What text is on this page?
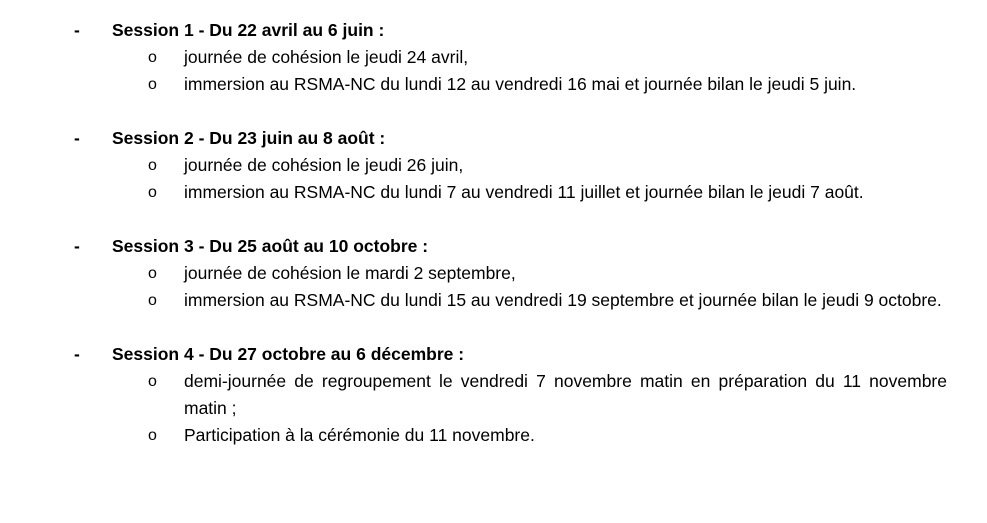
- Session 1 - Du 22 avril au 6 juin :
o journée de cohésion le jeudi 24 avril,
o immersion au RSMA-NC du lundi 12 au vendredi 16 mai et journée bilan le jeudi 5 juin.
- Session 2 - Du 23 juin au 8 août :
o journée de cohésion le jeudi 26 juin,
o immersion au RSMA-NC du lundi 7 au vendredi 11 juillet et journée bilan le jeudi 7 août.
- Session 3 - Du 25 août au 10 octobre :
o journée de cohésion le mardi 2 septembre,
o immersion au RSMA-NC du lundi 15 au vendredi 19 septembre et journée bilan le jeudi 9 octobre.
- Session 4 - Du 27 octobre au 6 décembre :
o demi-journée de regroupement le vendredi 7 novembre matin en préparation du 11 novembre matin ;
o Participation à la cérémonie du 11 novembre.
